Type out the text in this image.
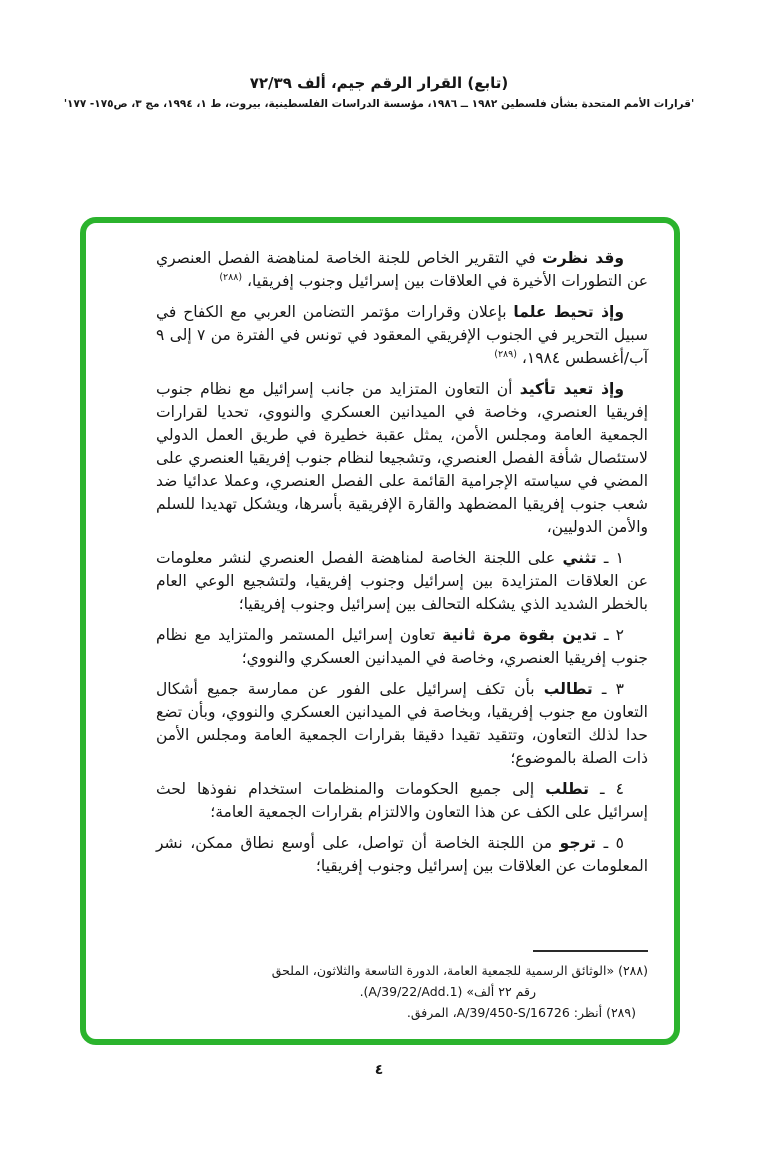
(تابع) القرار الرقم جيم، ألف ٧٢/٣٩
'قرارات الأمم المتحدة بشأن فلسطين ١٩٨٢ ــ ١٩٨٦، مؤسسة الدراسات الفلسطينية، بيروت، ط ١، ١٩٩٤، مج ٣، ص١٧٥- ١٧٧'

وقد نظرت في التقرير الخاص للجنة الخاصة لمناهضة الفصل العنصري عن التطورات الأخيرة في العلاقات بين إسرائيل وجنوب إفريقيا، $^{(٢٨٨)}$

وإذ تحيط علما بإعلان وقرارات مؤتمر التضامن العربي مع الكفاح في سبيل التحرير في الجنوب الإفريقي المعقود في تونس في الفترة من ٧ إلى ٩ آب/أغسطس ١٩٨٤، $^{(٢٨٩)}$

وإذ تعيد تأكيد أن التعاون المتزايد من جانب إسرائيل مع نظام جنوب إفريقيا العنصري، وخاصة في الميدانين العسكري والنووي، تحديا لقرارات الجمعية العامة ومجلس الأمن، يمثل عقبة خطيرة في طريق العمل الدولي لاستئصال شأفة الفصل العنصري، وتشجيعا لنظام جنوب إفريقيا العنصري على المضي في سياسته الإجرامية القائمة على الفصل العنصري، وعملا عدائيا ضد شعب جنوب إفريقيا المضطهد والقارة الإفريقية بأسرها، ويشكل تهديدا للسلم والأمن الدوليين،

١ ـ تثني على اللجنة الخاصة لمناهضة الفصل العنصري لنشر معلومات عن العلاقات المتزايدة بين إسرائيل وجنوب إفريقيا، ولتشجيع الوعي العام بالخطر الشديد الذي يشكله التحالف بين إسرائيل وجنوب إفريقيا؛

٢ ـ تدين بقوة مرة ثانية تعاون إسرائيل المستمر والمتزايد مع نظام جنوب إفريقيا العنصري، وخاصة في الميدانين العسكري والنووي؛

٣ ـ تطالب بأن تكف إسرائيل على الفور عن ممارسة جميع أشكال التعاون مع جنوب إفريقيا، وبخاصة في الميدانين العسكري والنووي، وبأن تضع حدا لذلك التعاون، وتتقيد تقيدا دقيقا بقرارات الجمعية العامة ومجلس الأمن ذات الصلة بالموضوع؛

٤ ـ تطلب إلى جميع الحكومات والمنظمات استخدام نفوذها لحث إسرائيل على الكف عن هذا التعاون والالتزام بقرارات الجمعية العامة؛

٥ ـ ترجو من اللجنة الخاصة أن تواصل، على أوسع نطاق ممكن، نشر المعلومات عن العلاقات بين إسرائيل وجنوب إفريقيا؛

(٢٨٨) «الوثائق الرسمية للجمعية العامة، الدورة التاسعة والثلاثون، الملحق
رقم ٢٢ ألف» (A/39/22/Add.1).
(٢٨٩) أنظر: A/39/450-S/16726، المرفق.
٤
